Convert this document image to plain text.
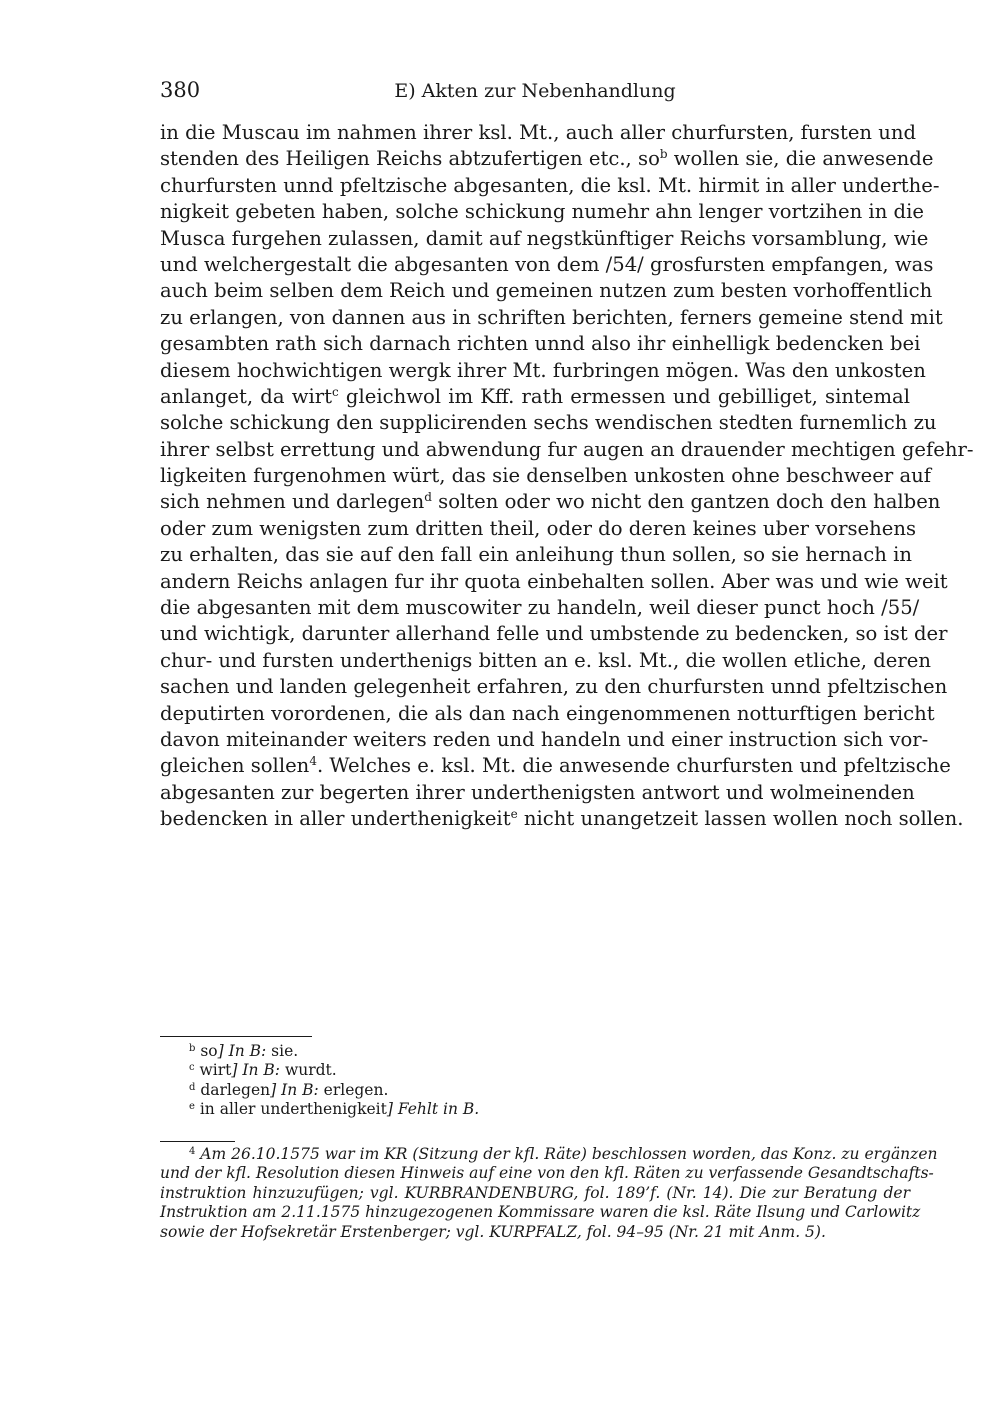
380	E) Akten zur Nebenhandlung
in die Muscau im nahmen ihrer ksl. Mt., auch aller churfursten, fursten und
stenden des Heiligen Reichs abtzufertigen etc., $so^b$ wollen sie, die anwesende
churfursten unnd pfeltzische abgesanten, die ksl. Mt. hirmit in aller underthe-
nigkeit gebeten haben, solche schickung numehr ahn lenger vortzihen in die
Musca furgehen zulassen, damit auf negstkünftiger Reichs vorsamblung, wie
und welchergestalt die abgesanten von dem /54/ grosfursten empfangen, was
auch beim selben dem Reich und gemeinen nutzen zum besten vorhoffentlich
zu erlangen, von dannen aus in schriften berichten, ferners gemeine stend mit
gesambten rath sich darnach richten unnd also ihr einhelligk bedencken bei
diesem hochwichtigen wergk ihrer Mt. furbringen mögen. Was den unkosten
anlanget, da wirt$^c$ gleichwol im Kff. rath ermessen und gebilliget, sintemal
solche schickung den supplicirenden sechs wendischen stedten furnemlich zu
ihrer selbst errettung und abwendung fur augen an drauender mechtigen gefehr-
ligkeiten furgenohmen würt, das sie denselben unkosten ohne beschweer auf
sich nehmen und darlegen$^d$ solten oder wo nicht den gantzen doch den halben
oder zum wenigsten zum dritten theil, oder do deren keines uber vorsehens
zu erhalten, das sie auf den fall ein anleihung thun sollen, so sie hernach in
andern Reichs anlagen fur ihr quota einbehalten sollen. Aber was und wie weit
die abgesanten mit dem muscowiter zu handeln, weil dieser punct hoch /55/
und wichtigk, darunter allerhand felle und umbstende zu bedencken, so ist der
chur- und fursten underthenigs bitten an e. ksl. Mt., die wollen etliche, deren
sachen und landen gelegenheit erfahren, zu den churfursten unnd pfeltzischen
deputirten vorordenen, die als dan nach eingenommenen notturftigen bericht
davon miteinander weiters reden und handeln und einer instruction sich vor-
gleichen sollen$^4$. Welches e. ksl. Mt. die anwesende churfursten und pfeltzische
abgesanten zur begerten ihrer underthenigsten antwort und wolmeinenden
bedencken in aller underthenigkeit$^e$ nicht unangetzeit lassen wollen noch sollen.
$^b$ so] In B: sie.
$^c$ wirt] In B: wurdt.
$^d$ darlegen] In B: erlegen.
$^e$ in aller underthenigkeit] Fehlt in B.
$^4$ Am 26.10.1575 war im KR (Sitzung der kfl. Räte) beschlossen worden, das Konz. zu ergänzen
und der kfl. Resolution diesen Hinweis auf eine von den kfl. Räten zu verfassende Gesandtschafts-
instruktion hinzuzufügen; vgl. KURBRANDENBURG, fol. 189’f. (Nr. 14). Die zur Beratung der
Instruktion am 2.11.1575 hinzugezogenen Kommissare waren die ksl. Räte Ilsung und Carlowitz
sowie der Hofsekretär Erstenberger; vgl. KURPFALZ, fol. 94–95 (Nr. 21 mit Anm. 5).
